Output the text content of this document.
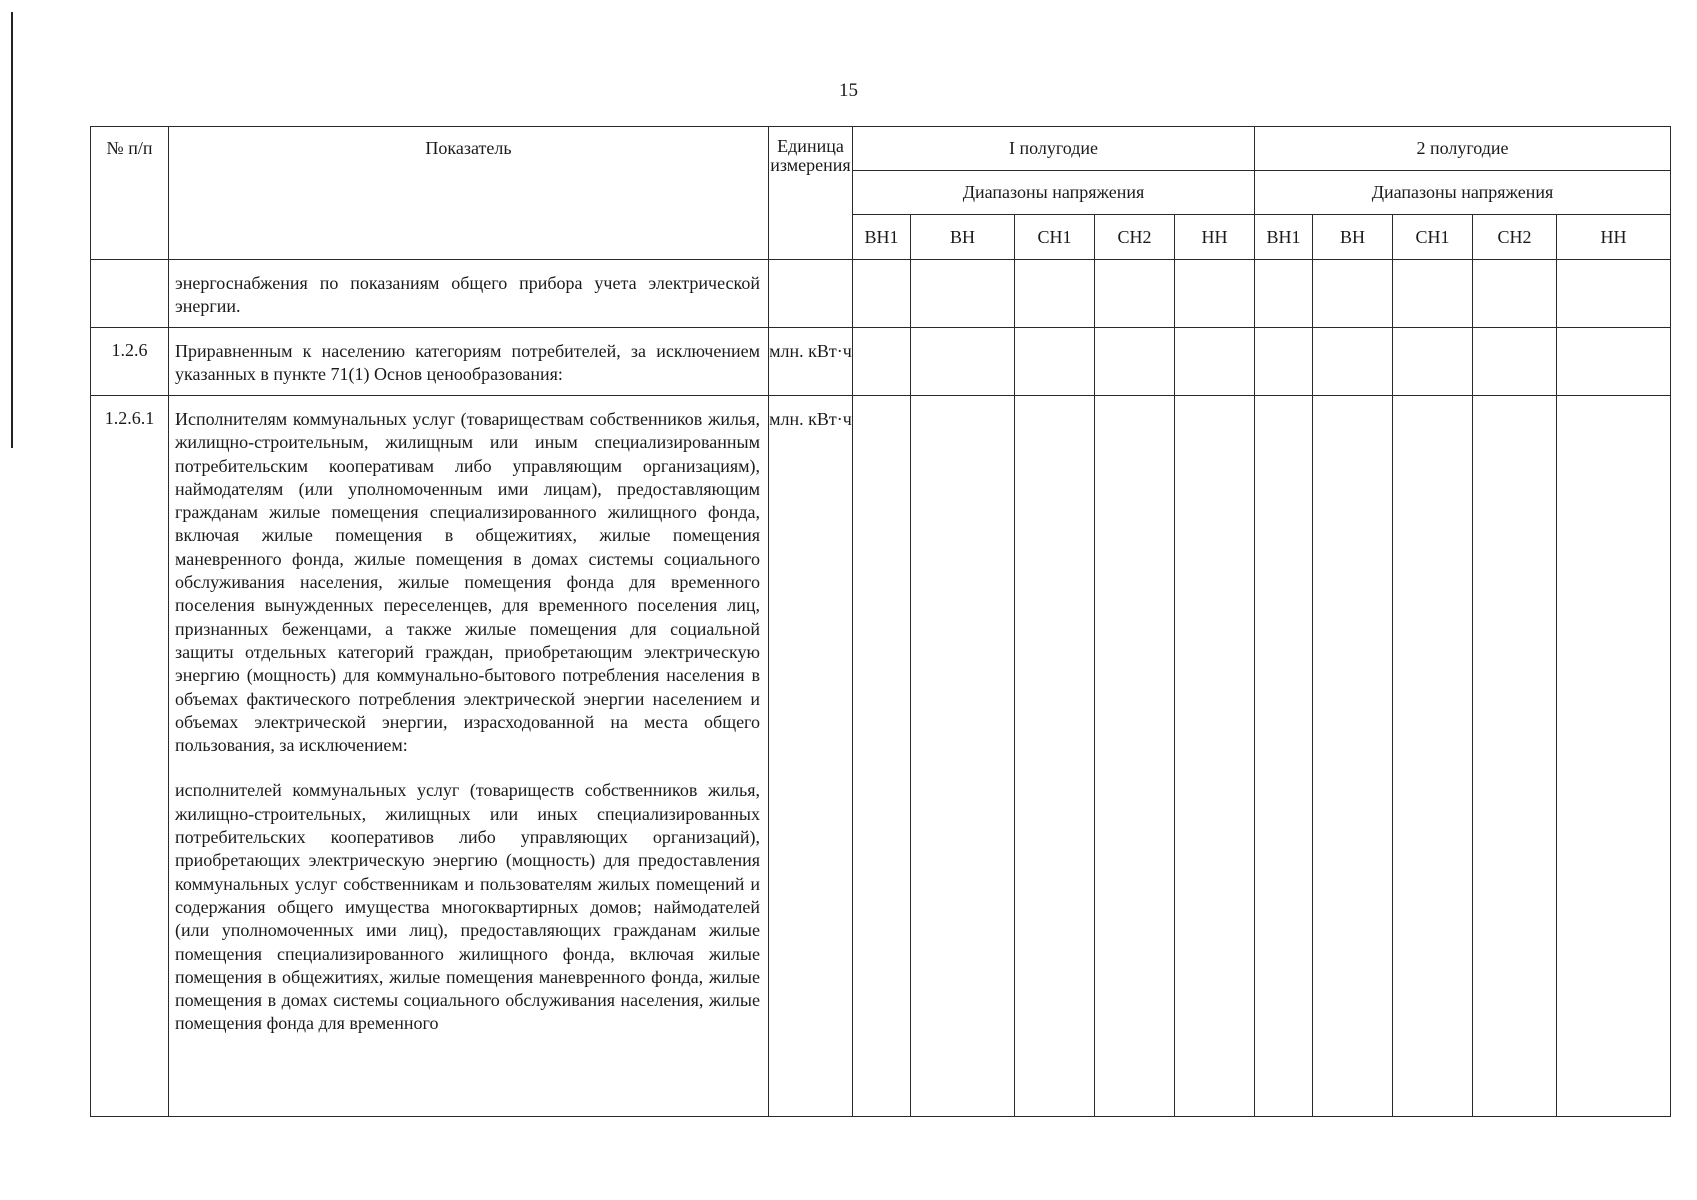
15
№ п/п	Показатель	Единица измерения	I полугодие					2 полугодие				
			Диапазоны напряжения					Диапазоны напряжения				
			ВН1	ВН	СН1	СН2	НН	ВН1	ВН	СН1	СН2	НН

	энергоснабжения по показаниям общего прибора учета электрической энергии.											

1.2.6	Приравненным к населению категориям потребителей, за исключением указанных в пункте 71(1) Основ ценообразования:	млн. кВт·ч										
1.2.6.1	Исполнителям коммунальных услуг (товариществам собственников жилья, жилищно-строительным, жилищным или иным специализированным потребительским кооперативам либо управляющим организациям), наймодателям (или уполномоченным ими лицам), предоставляющим гражданам жилые помещения специализированного жилищного фонда, включая жилые помещения в общежитиях, жилые помещения маневренного фонда, жилые помещения в домах системы социального обслуживания населения, жилые помещения фонда для временного поселения вынужденных переселенцев, для временного поселения лиц, признанных беженцами, а также жилые помещения для социальной защиты отдельных категорий граждан, приобретающим электрическую энергию (мощность) для коммунально-бытового потребления населения в объемах фактического потребления электрической энергии населением и объемах электрической энергии, израсходованной на места общего пользования, за исключением:

исполнителей коммунальных услуг (товариществ собственников жилья, жилищно-строительных, жилищных или иных специализированных потребительских кооперативов либо управляющих организаций), приобретающих электрическую энергию (мощность) для предоставления коммунальных услуг собственникам и пользователям жилых помещений и содержания общего имущества многоквартирных домов; наймодателей (или уполномоченных ими лиц), предоставляющих гражданам жилые помещения специализированного жилищного фонда, включая жилые помещения в общежитиях, жилые помещения маневренного фонда, жилые помещения в домах системы социального обслуживания населения, жилые помещения фонда для временного	млн. кВт·ч										
